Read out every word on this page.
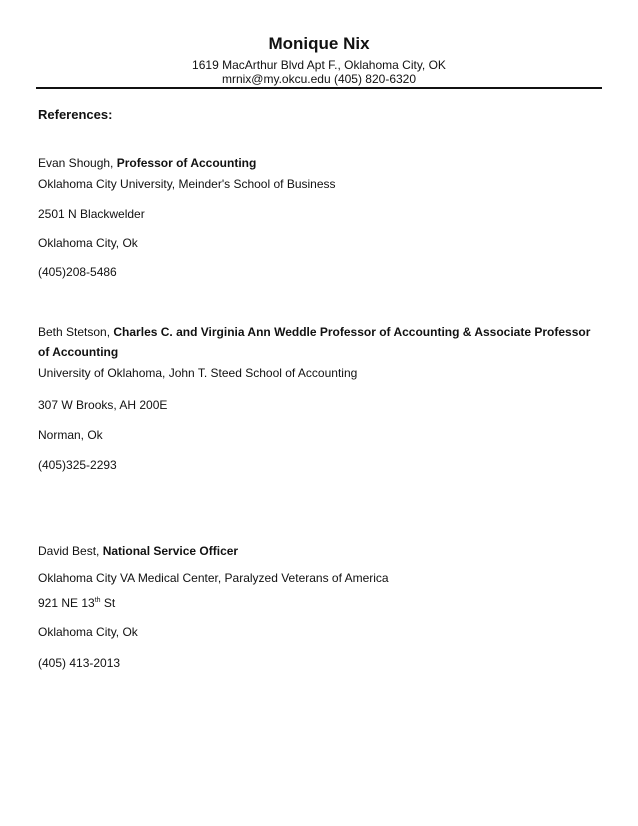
Monique Nix
1619 MacArthur Blvd Apt F., Oklahoma City, OK
mrnix@my.okcu.edu (405) 820-6320
References:
Evan Shough, Professor of Accounting
Oklahoma City University, Meinder's School of Business
2501 N Blackwelder
Oklahoma City, Ok
(405)208-5486
Beth Stetson, Charles C. and Virginia Ann Weddle Professor of Accounting & Associate Professor of Accounting
University of Oklahoma, John T. Steed School of Accounting
307 W Brooks, AH 200E
Norman, Ok
(405)325-2293
David Best, National Service Officer
Oklahoma City VA Medical Center, Paralyzed Veterans of America
921 NE 13th St
Oklahoma City, Ok
(405) 413-2013
